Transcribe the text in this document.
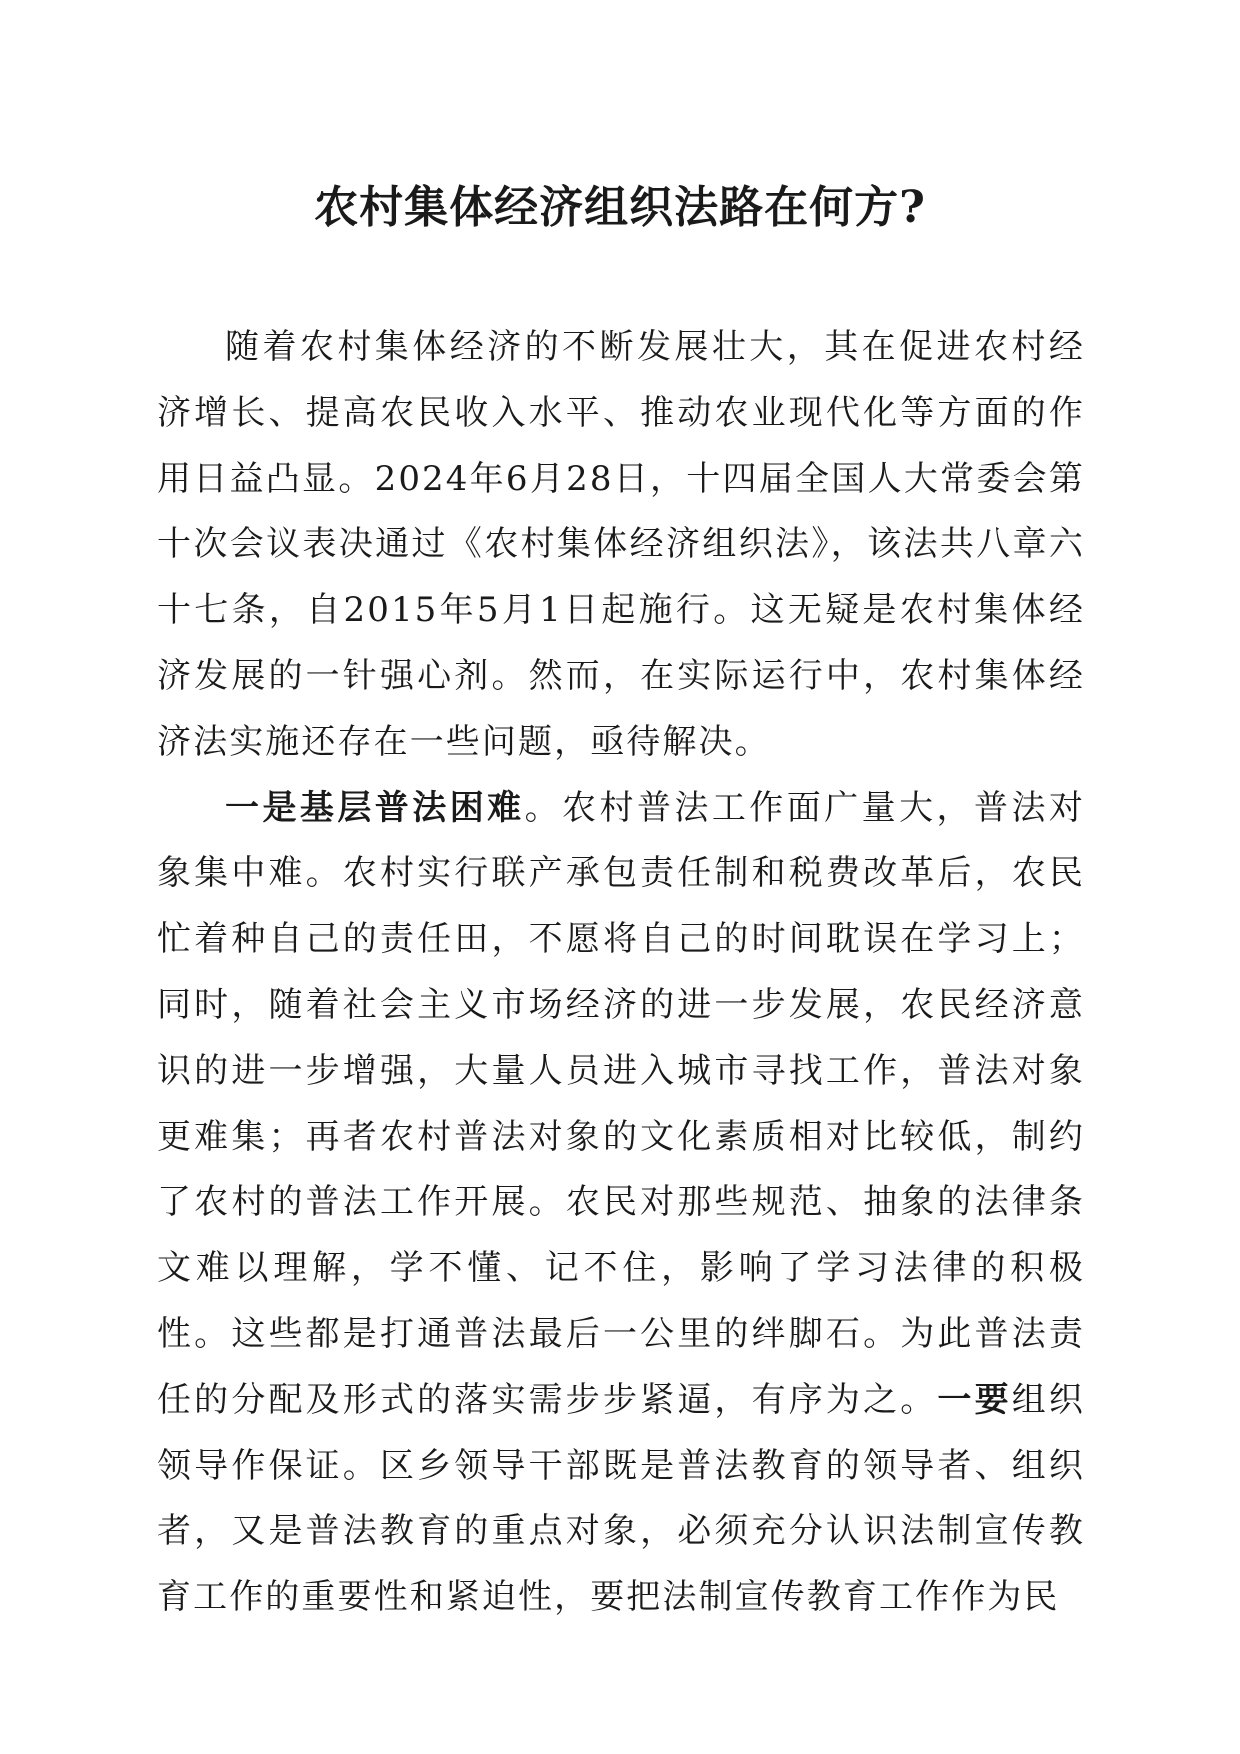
农村集体经济组织法路在何方?

随着农村集体经济的不断发展壮大，其在促进农村经济增长、提高农民收入水平、推动农业现代化等方面的作用日益凸显。2024年6月28日，十四届全国人大常委会第十次会议表决通过《农村集体经济组织法》，该法共八章六十七条，自2015年5月1日起施行。这无疑是农村集体经济发展的一针强心剂。然而，在实际运行中，农村集体经济法实施还存在一些问题，亟待解决。

一是基层普法困难。农村普法工作面广量大，普法对象集中难。农村实行联产承包责任制和税费改革后，农民忙着种自己的责任田，不愿将自己的时间耽误在学习上；同时，随着社会主义市场经济的进一步发展，农民经济意识的进一步增强，大量人员进入城市寻找工作，普法对象更难集；再者农村普法对象的文化素质相对比较低，制约了农村的普法工作开展。农民对那些规范、抽象的法律条文难以理解，学不懂、记不住，影响了学习法律的积极性。这些都是打通普法最后一公里的绊脚石。为此普法责任的分配及形式的落实需步步紧逼，有序为之。一要组织领导作保证。区乡领导干部既是普法教育的领导者、组织者，又是普法教育的重点对象，必须充分认识法制宣传教育工作的重要性和紧迫性，要把法制宣传教育工作作为民
